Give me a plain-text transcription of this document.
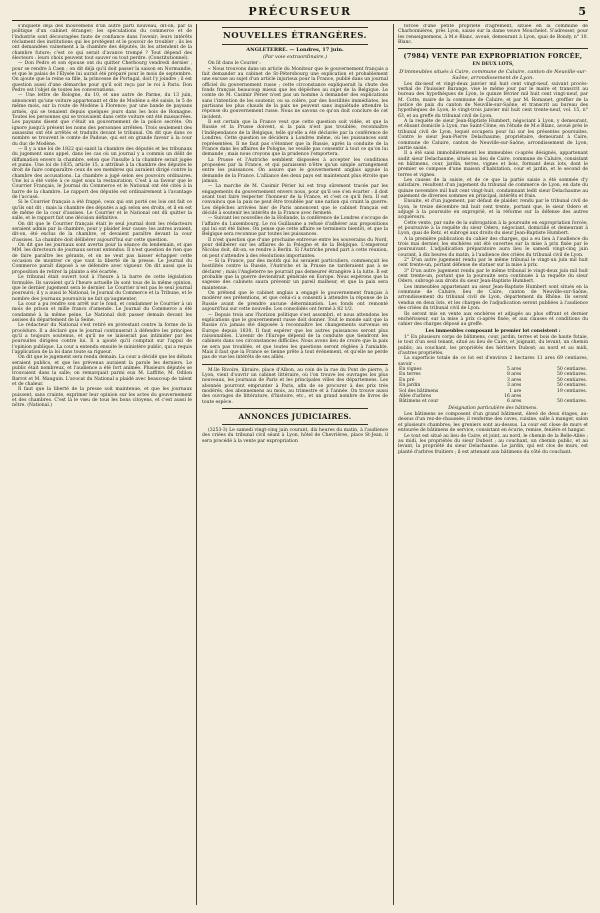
PRÉCURSEUR	5

s'inquiète déjà des mouvemens d'un autre parti nouveau, dit-on, par la politique d'un cabinet étranger; les spéculations du commerce et de l'industrie sont découragées faute de confiance dans l'avenir; leurs intérêts réclament des institutions qui les protègent et le pouvoir de troubler ; ils les ont demandées vainement à la chambre des députés, ils les attendent de la chambre future; c'est ce qui serait d'avance trompé ? Tout dépend des électeurs : leurs choix peuvent tout sauver ou tout perdre. (Constitutionnel).

— Don Pedro et son épouse ont du quitter Cherbourg vendredi dernier , pour se rendre à Caen ; on dit déjà qu'il doit passer la saison en Normandie, et que le palais de l'Élysée lui aurait été préparé pour le mois de septembre. On ajoute que la reine sa fille, la princesse de Portugal, doit l'y joindre ; il est question aussi d'une démarche pour qu'il soit reçu par le roi à Paris. Don Pedro est l'objet de toutes les conversations.

— Une lettre de Bologne, du 10, et une autre de Parme, du 13 juin, annoncent qu'une voiture appartenant et dite de Modène a été saisie, le 5 de même mois, sur la route de Modène à Florence; par une bande de paysans armés, qui se tenaient depuis quelques jours dans les bois de Romagne. Toutes les personnes qui se trouvaient dans cette voiture ont été massacrées. Les paysans disent que c'était un gouvernement de la police secrète. On ignore jusqu'à présent les noms des personnes arrêtées. Trois seulement des assassins ont été arrêtés et traduits devant le tribunal. On dit que dans ce nombre se trouvent le comte de Padoue, qui est en grande faveur à la cour du duc de Modène.

— Il y a une loi de 1822 qui saisit la chambre des députés et les tribunaux du jugement sans appel, dans les cas où un journal y a commis un délit de diffamation envers la chambre, selon que l'insulte à la chambre serait jugée et punie. Une loi de 1835, article 15, a attribué à la chambre des députés le droit de faire comparaître ceux de ses membres qui auraient dirigé contre la chambre des accusations. La chambre a jugé selon ses pouvoirs ordinaires. Une loi a été votée à ce sujet sous la restauration. C'est à sa faveur que le Courrier Français, le Journal du Commerce et le National ont été cités à la barre de la chambre. Le rapport des députés est ordinairement à l'avantage de l'accusé.

Si le Courrier français a été frappé, ceux qui ont porté ces lois ont fait ce qu'ils ont dit ; mais la chambre des députés a agi selon ses droits, et il en est de même de la cour d'assises. Le Courrier et le National ont dû quitter la salle, et le rapport fait une décision définitive.

On dit que le Courrier français était le seul journal dont les rédacteurs seraient admis par la chambre, pour y plaider leur cause; les autres avaient, dit-on, été exclus de la chambre, et devaient paraître devant la cour d'assises. La chambre doit délibérer aujourd'hui sur cette question.

On dit que les journaux sont avertis pour la séance du lendemain, et que MM. les directeurs de journaux seront entendus. Il n'est question de rien que de faire paraître les gérants, et on ne veut pas laisser échapper cette occasion de montrer ce que vaut la liberté de la presse. Le Journal du Commerce paraît disposé à se défendre avec vigueur. On dit aussi que la proposition de retirer la plainte a été écartée.

Le tribunal était ouvert tout à l'heure à la barre de cette législation formulée. Ils savaient qu'à l'heure actuelle ils sont tous de la même opinion, que le dernier jugement sera le dernier. Le Courrier n'est pas le seul journal poursuivi; il y a aussi le National, le Journal du Commerce et la Tribune, et le nombre des journaux poursuivis ne fait qu'augmenter.

La cour a pu rendre son arrêt sur le fond, et condamner le Courrier à un mois de prison et mille francs d'amende. Le Journal du Commerce a été condamné à la même peine. Le National doit passer demain devant les assises du département de la Seine.

Le rédacteur du National s'est retiré en protestant contre la forme de la procédure. Il a déclaré que le journal continuerait à défendre les principes qu'il a toujours soutenus, et qu'il ne se laisserait pas intimider par les poursuites dirigées contre lui. Il a ajouté qu'il comptait sur l'appui de l'opinion publique. La cour a entendu ensuite le ministère public, qui a requis l'application de la loi dans toute sa rigueur.

On dit que le jugement sera rendu demain. La cour a décidé que les débats seraient publics, et que les prévenus auraient la parole les derniers. Le public était nombreux, et l'audience a été fort animée. Plusieurs députés se trouvaient dans la salle; on remarquait parmi eux M. Laffitte, M. Odilon Barrot et M. Mauguin. L'avocat du National a plaidé avec beaucoup de talent et de chaleur.

Il faut que la liberté de la presse soit maintenue, et que les journaux puissent, sans crainte, exprimer leur opinion sur les actes du gouvernement et des chambres. C'est là le vœu de tous les bons citoyens, et c'est aussi le nôtre. (National.)

NOUVELLES ÉTRANGÈRES.

ANGLETERRE. — Londres, 17 juin.

(Par voie extraordinaire.)

On lit dans le Courier :

« Nous trouvons dans un article du Moniteur que le gouvernement français a fait demander au cabinet de St-Pétersbourg une explication et probablement une excuse au sujet d'un article injurieux pour la France, publié dans un journal officiel du gouvernement russe ; cette circonstance expliquerait la chute des fonds français beaucoup mieux que les dépêches au sujet de la Belgique. Le comte de M. Casimir Périer n'est pas un homme à demander des explications sans l'intention de les soutenir, ou sa colère, par des hostilités immédiates, les partisans les plus chauds de la paix ne peuvent sans inquiétude attendre la réponse du gouvernement russe. Nous ne savons ce qu'on doit conclure de cet incident.

Il est certain que la France veut que cette question soit vidée, et que la Russie et la Prusse doivent, si la paix n'est pas troublée, reconnaître l'indépendance de la Belgique, telle qu'elle a été déclarée par la conférence de Londres. Cette question se décidera à Londres même, où les puissances sont représentées. Il ne faut pas s'étonner que la Russie, après la conduite de la France dans les affaires de Pologne, ne veuille pas consentir à tout ce qu'on lui demande ; mais nous croyons que la prudence l'emportera.

La Prusse et l'Autriche semblent disposées à accepter les conditions proposées par la France, et qui paraissent n'être qu'un simple arrangement entre les puissances. On assure que le gouvernement anglais appuie la demande de la France. L'alliance des deux pays est maintenant plus étroite que jamais.

— La marche de M. Casimir Périer lui est trop sûrement tracée par les engagements du gouvernement envers nous, pour qu'il ose s'en écarter : il doit avant tout faire respecter l'honneur de la France, et c'est ce qu'il fera. Il est convaincu que la paix ne peut être troublée par une nation qui craint la guerre. Les dépêches arrivées hier de Paris annoncent que le cabinet français est décidé à soutenir les intérêts de la France avec fermeté.

— Suivant les nouvelles de la Hollande, la conférence de Londres s'occupe de l'affaire du Luxembourg. Le roi Guillaume a refusé d'adhérer aux propositions qui lui ont été faites. On pense que cette affaire se terminera bientôt, et que la Belgique sera reconnue par toutes les puissances.

Il n'est question que d'une prochaine entrevue entre les souverains du Nord, pour délibérer sur les affaires de la Pologne et de la Belgique. L'empereur Nicolas doit, dit-on, se rendre à Berlin. Si l'Autriche prend part à cette réunion, on peut s'attendre à des résolutions importantes.

— Si la France, par des motifs qui lui seraient particuliers, commençait les hostilités contre la Russie, l'Autriche et la Prusse ne tarderaient pas à se déclarer ; mais l'Angleterre ne pourrait pas demeurer étrangère à la lutte. Il est probable que la guerre deviendrait générale en Europe. Nous espérons que la sagesse des cabinets saura prévenir un pareil malheur, et que la paix sera maintenue.

On prétend que le cabinet anglais a engagé le gouvernement français à modérer ses prétentions, et que celui-ci a consenti à attendre la réponse de la Russie avant de prendre aucune détermination. Les fonds ont remonté aujourd'hui sur cette nouvelle. Les consolidés ont fermé à 82 1/2.

— Depuis trois ans l'horizon politique s'est assombri, et nous attendons les explications que le gouvernement russe doit donner. Tout le monde sait que la Russie n'a jamais été disposée à reconnaître les changements survenus en Europe depuis 1830. Il faut espérer que les autres puissances seront plus raisonnables. L'avenir de l'Europe dépend de la conduite que tiendront les cabinets dans ces circonstances difficiles. Nous avons lieu de croire que la paix ne sera pas troublée, et que toutes les questions seront réglées à l'amiable. Mais il faut que la France se tienne prête à tout événement, et qu'elle ne perde pas de vue les intérêts de ses alliés.

M.lle Rivoire, libraire, place d'Albon, au coin de la rue du Pont de pierre, à Lyon, vient d'ouvrir un cabinet littéraire, où l'on trouve les ouvrages les plus nouveaux, les journaux de Paris et les principales villes des départemens. Les abonnés pourront emprunter à Paris, afin de se procurer à des prix très modérés, des abonnemens au mois, au trimestre et à l'année. On trouve aussi des ouvrages de littérature, d'histoire, etc., et un grand nombre de livres de toute espèce.

ANNONCES JUDICIAIRES.

(3253-3) Le samedi vingt-cinq juin courant, dix heures du matin, à l'audience des criées du tribunal civil séant à Lyon, hôtel de Chevrières, place St-Jean, il sera procédé à la vente par expropriation

forcée d'une petite propriété d'agrément, située en la commune de Charbonnières, près Lyon, saisie sur la dame veuve Mouchelet. S'adresser, pour les renseignemens, à M.e Blanc, avoué, demeurant à Lyon, quai de Bondy, n° 10. Blanc.

(7984) VENTE PAR EXPROPRIATION FORCÉE,

EN DEUX LOTS,

D'immeubles situés à Caire, commune de Caluire, canton de Neuville-sur-Saône, arrondissement de Lyon.

Les dix-neuf et vingt-deux janvier mil huit cent vingt-neuf, suivant procès-verbal de l'huissier Barange, vise le même jour par le maire et transcrit au bureau des hypothèques de Lyon, le quinze février mil huit cent vingt-neuf, par M. Cotte, maire de la commune de Caluire, et par M. Romanet, greffier de la justice de paix du canton de Neuville-sur-Saône, et transcrit au bureau des hypothèques de Lyon, le vingt-trois janvier mil huit cent trente-neuf, vol. 15, n° 63, et au greffe du tribunal civil de Lyon.

A la requête de sieur Jean-Baptiste Humbert, négociant à Lyon, y demeurant, et élisant domicile à Lyon, rue Saint-Côme, en l'étude de M.e Blanc, avoué près le tribunal civil de Lyon, lequel occupera pour lui sur les présentes poursuites. Contre le sieur Jean-Pierre Delachaume, propriétaire, demeurant à Caire, commune de Caluire, canton de Neuville-sur-Saône, arrondissement de Lyon, partie saisie.

Il a été saisi immobilièrement les immeubles ci-après désignés, appartenant audit sieur Delachaume, situés au lieu de Caire, commune de Caluire, consistant en bâtimens, cour, jardin, terres, vignes et bois, formant deux lots, dont le premier se compose d'une maison d'habitation, cour et jardin, et le second de terres et vignes.

Les causes de la saisie, et de ce que la partie saisie a été sommée d'y satisfaire, résultent d'un jugement du tribunal de commerce de Lyon, en date du quinze novembre mil huit cent vingt-huit, condamnant ledit sieur Delachaume au paiement de diverses sommes en principal, intérêts et frais.

Ensuite, et d'un jugement, par défaut de plaider, rendu par le tribunal civil de Lyon, le treize décembre mil huit cent trente, portant que, le sieur Odero et adjugé à la poursuite en exproprié, et la réforme sur la défense des autres acquéreurs.

Cette vente, par suite de la subrogation à la poursuite en expropriation forcée, et poursuivie à la requête du sieur Odero, négociant, domicilié et demeurant à Lyon, quai de Retz, et subrogé aux droits du sieur Jean-Baptiste Humbert.

A la première publication du cahier des charges, qui a eu lieu à l'audience du trois mai dernier, les enchères ont été ouvertes sur la mise à prix fixée par le poursuivant. L'adjudication préparatoire aura lieu le samedi vingt-cinq juin courant, à dix heures du matin, à l'audience des criées du tribunal civil de Lyon.

2° D'un autre jugement rendu par le même tribunal le vingt-un juin mil huit cent trente-un, portant défense de statuer sur la mise à prix.

3° D'un autre jugement rendu par le même tribunal le vingt-deux juin mil huit cent trente-un, portant que la poursuite sera continuée à la requête du sieur Odero, subrogé aux droits du sieur Jean-Baptiste Humbert.

Les immeubles appartenant au sieur Jean-Baptiste Humbert sont situés en la commune de Caluire, lieu de Caire, canton de Neuville-sur-Saône, arrondissement du tribunal civil de Lyon, département du Rhône. Ils seront vendus en deux lots, et les charges de l'adjudication seront publiées à l'audience des criées du tribunal civil de Lyon.

Ils seront mis en vente aux enchères et adjugés au plus offrant et dernier enchérisseur, sur la mise à prix ci-après fixée, et aux clauses et conditions du cahier des charges déposé au greffe.

Les immeubles composant le premier lot consistent :

1° En plusieurs corps de bâtimens, cour, jardin, terres et bois de haute futaie, le tout d'un seul tenant, situé au lieu de Caire, et joignant, du levant, un chemin public; au couchant, les propriétés des héritiers Dubost; au nord et au midi, d'autres propriétés.

La superficie totale de ce lot est d'environ 2 hectares 11 ares 69 centiares, savoir :

En vignes	5 ares	50 centiares.
En terres	8 ares	50 centiares.
En pré	3 ares	50 centiares.
En jardin	3 ares	50 centiares.
Sol des bâtimens	1 are	19 centiares.
Allée d'arbres	16 ares	
Bâtimens et cour	6 ares	50 centiares.

Désignation particulière des bâtimens.

Les bâtimens se composent d'un grand bâtiment, élevé de deux étages, au-dessus d'un rez-de-chaussée; il renferme des caves, cuisine, salle à manger, salon et plusieurs chambres; les greniers sont au-dessus. La cour est close de murs et entourée de bâtimens de service, consistant en écurie, remise, fenière et hangar.

Le tout est situé au lieu de Caire, et joint, au nord, le chemin de la Belle-Allée ; au midi, les propriétés du sieur Dubost ; au couchant, un chemin public, et au levant, la propriété du sieur Delachaume. Le jardin, qui est clos de murs, est planté d'arbres fruitiers ; il est attenant aux bâtimens du côté du couchant.
